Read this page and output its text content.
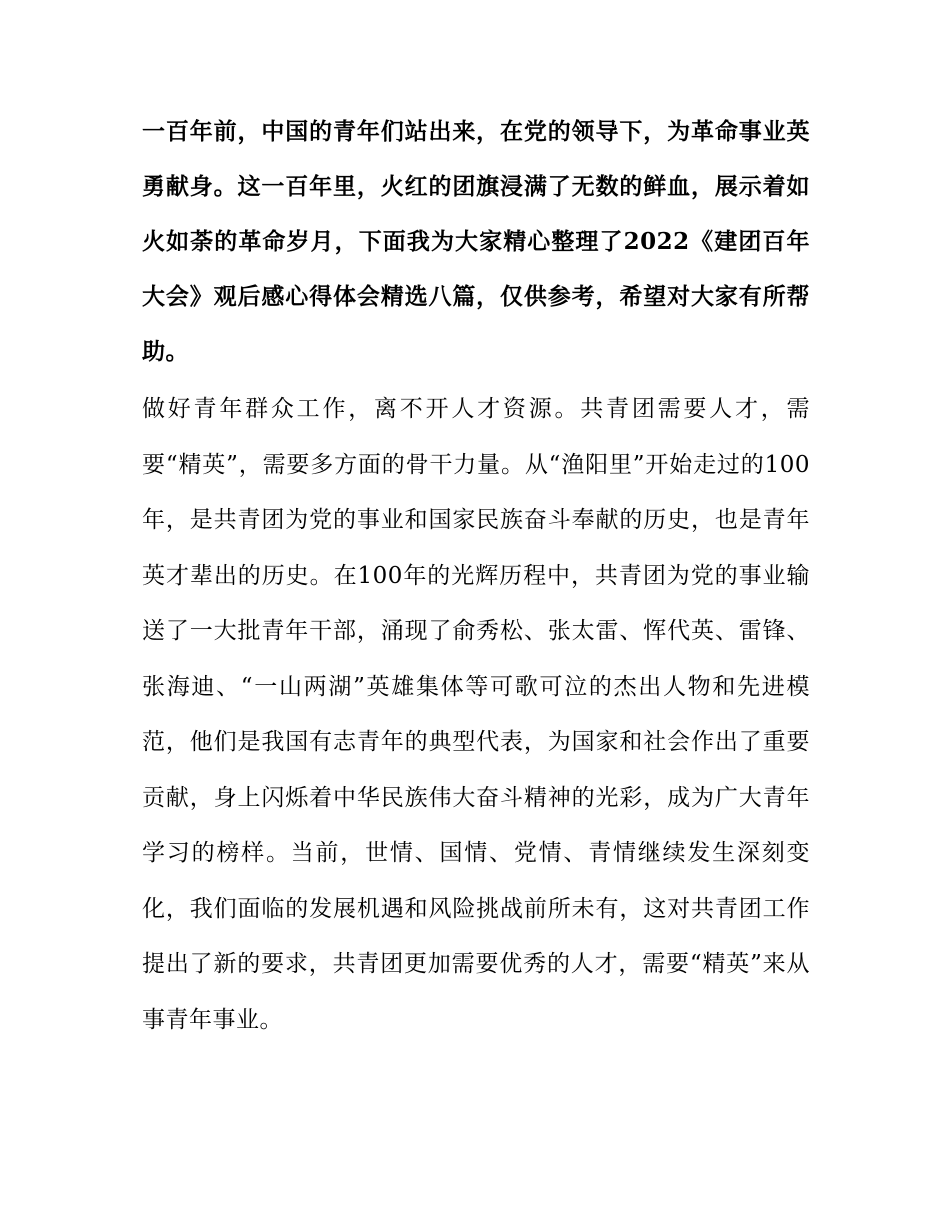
一百年前，中国的青年们站出来，在党的领导下，为革命事业英勇献身。这一百年里，火红的团旗浸满了无数的鲜血，展示着如火如荼的革命岁月，下面我为大家精心整理了2022《建团百年大会》观后感心得体会精选八篇，仅供参考，希望对大家有所帮助。

做好青年群众工作，离不开人才资源。共青团需要人才，需要“精英”，需要多方面的骨干力量。从“渔阳里”开始走过的100年，是共青团为党的事业和国家民族奋斗奉献的历史，也是青年英才辈出的历史。在100年的光辉历程中，共青团为党的事业输送了一大批青年干部，涌现了俞秀松、张太雷、恽代英、雷锋、张海迪、“一山两湖”英雄集体等可歌可泣的杰出人物和先进模范，他们是我国有志青年的典型代表，为国家和社会作出了重要贡献，身上闪烁着中华民族伟大奋斗精神的光彩，成为广大青年学习的榜样。当前，世情、国情、党情、青情继续发生深刻变化，我们面临的发展机遇和风险挑战前所未有，这对共青团工作提出了新的要求，共青团更加需要优秀的人才，需要“精英”来从事青年事业。
